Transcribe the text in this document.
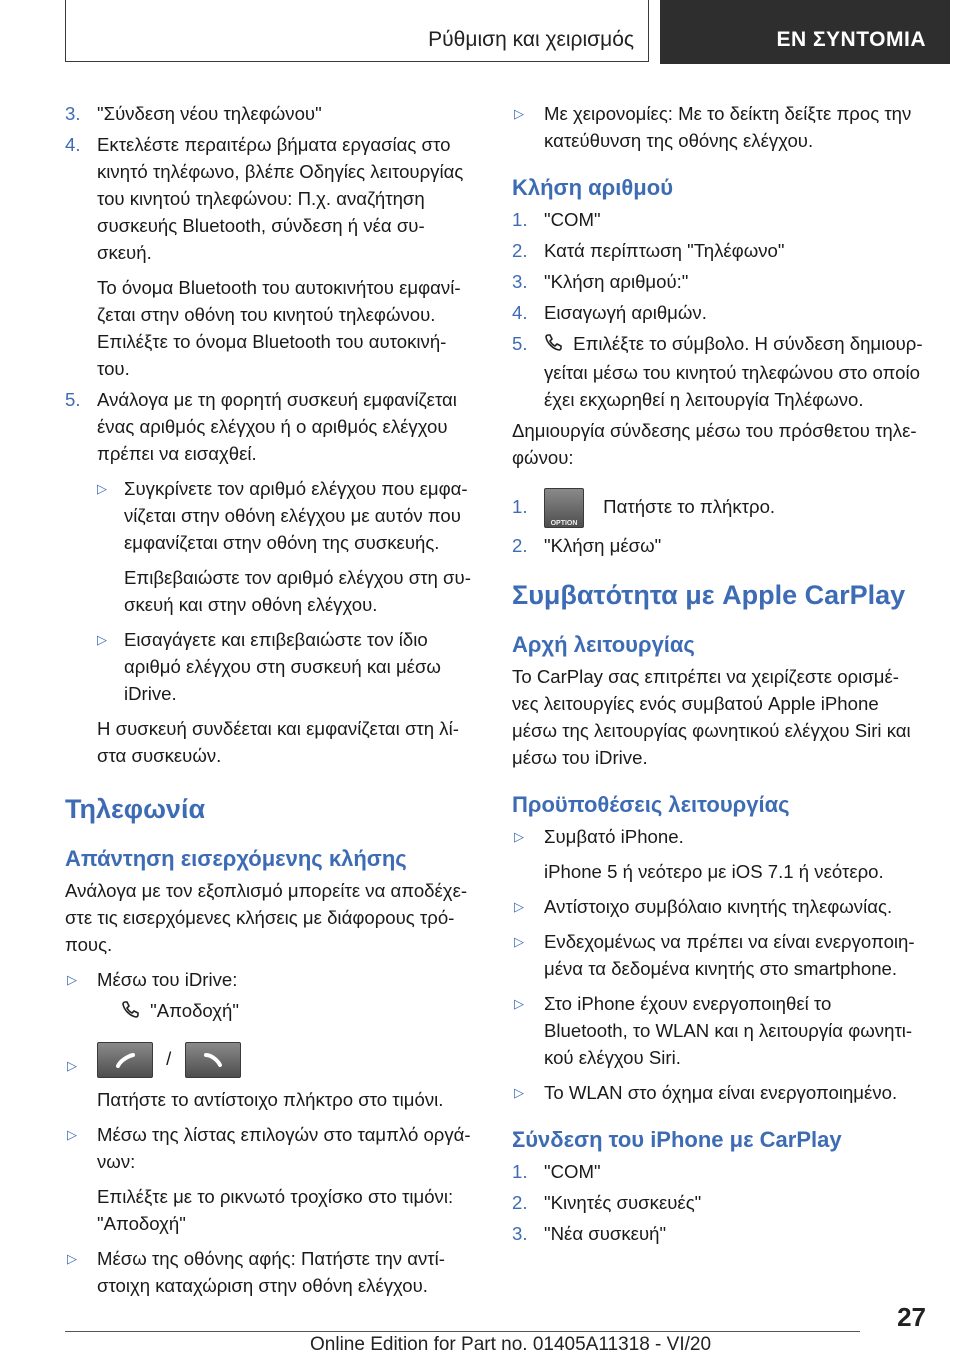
Ρύθμιση και χειρισμός	ΕΝ ΣΥΝΤΟΜΙΑ
3. "Σύνδεση νέου τηλεφώνου"
4. Εκτελέστε περαιτέρω βήματα εργασίας στο
κινητό τηλέφωνο, βλέπε Οδηγίες λειτουργίας
του κινητού τηλεφώνου: Π.χ. αναζήτηση
συσκευής Bluetooth, σύνδεση ή νέα συ-
σκευή.
Το όνομα Bluetooth του αυτοκινήτου εμφανί-
ζεται στην οθόνη του κινητού τηλεφώνου.
Επιλέξτε το όνομα Bluetooth του αυτοκινή-
του.
5. Ανάλογα με τη φορητή συσκευή εμφανίζεται
ένας αριθμός ελέγχου ή ο αριθμός ελέγχου
πρέπει να εισαχθεί.
▷ Συγκρίνετε τον αριθμό ελέγχου που εμφα-
νίζεται στην οθόνη ελέγχου με αυτόν που
εμφανίζεται στην οθόνη της συσκευής.
Επιβεβαιώστε τον αριθμό ελέγχου στη συ-
σκευή και στην οθόνη ελέγχου.
▷ Εισαγάγετε και επιβεβαιώστε τον ίδιο
αριθμό ελέγχου στη συσκευή και μέσω
iDrive.
Η συσκευή συνδέεται και εμφανίζεται στη λί-
στα συσκευών.
Τηλεφωνία
Απάντηση εισερχόμενης κλήσης
Ανάλογα με τον εξοπλισμό μπορείτε να αποδέχε-
στε τις εισερχόμενες κλήσεις με διάφορους τρό-
πους.
▷ Μέσω του iDrive:
"Αποδοχή"
▷	/
Πατήστε το αντίστοιχο πλήκτρο στο τιμόνι.
▷ Μέσω της λίστας επιλογών στο ταμπλό οργά-
νων:
Επιλέξτε με το ρικνωτό τροχίσκο στο τιμόνι:
"Αποδοχή"
▷ Μέσω της οθόνης αφής: Πατήστε την αντί-
στοιχη καταχώριση στην οθόνη ελέγχου.
▷ Με χειρονομίες: Με το δείκτη δείξτε προς την
κατεύθυνση της οθόνης ελέγχου.
Κλήση αριθμού
1. "COM"
2. Κατά περίπτωση "Τηλέφωνο"
3. "Κλήση αριθμού:"
4. Εισαγωγή αριθμών.
5.	Επιλέξτε το σύμβολο. Η σύνδεση δημιουρ-
γείται μέσω του κινητού τηλεφώνου στο οποίο
έχει εκχωρηθεί η λειτουργία Τηλέφωνο.
Δημιουργία σύνδεσης μέσω του πρόσθετου τηλε-
φώνου:
1.
OPTION
Πατήστε το πλήκτρο.
2. "Κλήση μέσω"
Συμβατότητα με Apple CarPlay
Αρχή λειτουργίας
Το CarPlay σας επιτρέπει να χειρίζεστε ορισμέ-
νες λειτουργίες ενός συμβατού Apple iPhone
μέσω της λειτουργίας φωνητικού ελέγχου Siri και
μέσω του iDrive.
Προϋποθέσεις λειτουργίας
▷ Συμβατό iPhone.
iPhone 5 ή νεότερο με iOS 7.1 ή νεότερο.
▷ Αντίστοιχο συμβόλαιο κινητής τηλεφωνίας.
▷ Ενδεχομένως να πρέπει να είναι ενεργοποιη-
μένα τα δεδομένα κινητής στο smartphone.
▷ Στο iPhone έχουν ενεργοποιηθεί το
Bluetooth, το WLAN και η λειτουργία φωνητι-
κού ελέγχου Siri.
▷ Το WLAN στο όχημα είναι ενεργοποιημένο.
Σύνδεση του iPhone με CarPlay
1. "COM"
2. "Κινητές συσκευές"
3. "Νέα συσκευή"
27
Online Edition for Part no. 01405A11318 - VI/20
